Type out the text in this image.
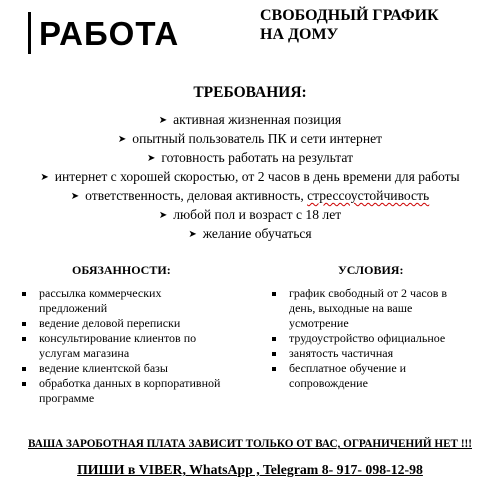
РАБОТА	СВОБОДНЫЙ ГРАФИК
НА ДОМУ
ТРЕБОВАНИЯ:
➤ активная жизненная позиция
➤ опытный пользователь ПК и сети интернет
➤ готовность работать на результат
➤ интернет с хорошей скоростью, от 2 часов в день времени для работы
➤ ответственность, деловая активность, стрессоустойчивость
➤ любой пол и возраст с 18 лет
➤ желание обучаться
ОБЯЗАННОСТИ:	УСЛОВИЯ:
рассылка коммерческих предложений
ведение деловой переписки
консультирование клиентов по услугам магазина
ведение клиентской базы
обработка данных в корпоративной программе
график свободный от 2 часов в день, выходные на ваше усмотрение
трудоустройство официальное
занятость частичная
бесплатное обучение и сопровождение
ВАША ЗАРОБОТНАЯ ПЛАТА ЗАВИСИТ ТОЛЬКО ОТ ВАС, ОГРАНИЧЕНИЙ НЕТ !!!
ПИШИ в VIBER, WhatsApp , Telegram 8- 917- 098-12-98
